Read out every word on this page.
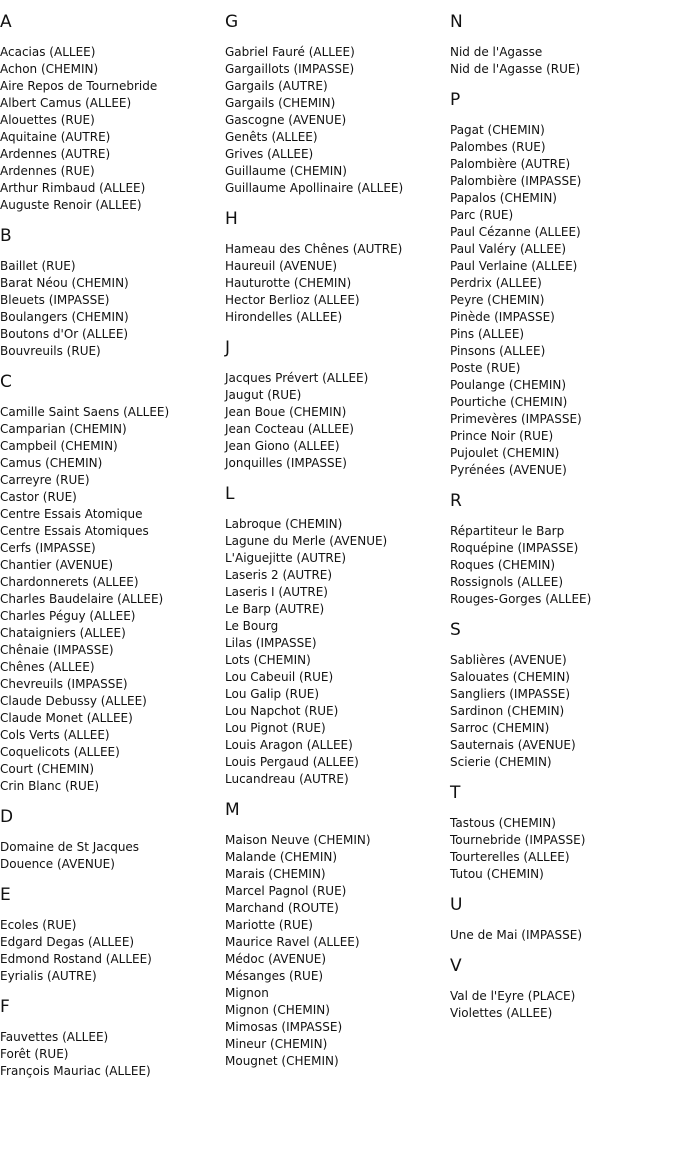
A
Acacias (ALLEE)
Achon (CHEMIN)
Aire Repos de Tournebride
Albert Camus (ALLEE)
Alouettes (RUE)
Aquitaine (AUTRE)
Ardennes (AUTRE)
Ardennes (RUE)
Arthur Rimbaud (ALLEE)
Auguste Renoir (ALLEE)
B
Baillet (RUE)
Barat Néou (CHEMIN)
Bleuets (IMPASSE)
Boulangers (CHEMIN)
Boutons d'Or (ALLEE)
Bouvreuils (RUE)
C
Camille Saint Saens (ALLEE)
Camparian (CHEMIN)
Campbeil (CHEMIN)
Camus (CHEMIN)
Carreyre (RUE)
Castor (RUE)
Centre Essais Atomique
Centre Essais Atomiques
Cerfs (IMPASSE)
Chantier (AVENUE)
Chardonnerets (ALLEE)
Charles Baudelaire (ALLEE)
Charles Péguy (ALLEE)
Chataigniers (ALLEE)
Chênaie (IMPASSE)
Chênes (ALLEE)
Chevreuils (IMPASSE)
Claude Debussy (ALLEE)
Claude Monet (ALLEE)
Cols Verts (ALLEE)
Coquelicots (ALLEE)
Court (CHEMIN)
Crin Blanc (RUE)
D
Domaine de St Jacques
Douence (AVENUE)
E
Ecoles (RUE)
Edgard Degas (ALLEE)
Edmond Rostand (ALLEE)
Eyrialis (AUTRE)
F
Fauvettes (ALLEE)
Forêt (RUE)
François Mauriac (ALLEE)
G
Gabriel Fauré (ALLEE)
Gargaillots (IMPASSE)
Gargails (AUTRE)
Gargails (CHEMIN)
Gascogne (AVENUE)
Genêts (ALLEE)
Grives (ALLEE)
Guillaume (CHEMIN)
Guillaume Apollinaire (ALLEE)
H
Hameau des Chênes (AUTRE)
Haureuil (AVENUE)
Hauturotte (CHEMIN)
Hector Berlioz (ALLEE)
Hirondelles (ALLEE)
J
Jacques Prévert (ALLEE)
Jaugut (RUE)
Jean Boue (CHEMIN)
Jean Cocteau (ALLEE)
Jean Giono (ALLEE)
Jonquilles (IMPASSE)
L
Labroque (CHEMIN)
Lagune du Merle (AVENUE)
L'Aiguejitte (AUTRE)
Laseris 2 (AUTRE)
Laseris I (AUTRE)
Le Barp (AUTRE)
Le Bourg
Lilas (IMPASSE)
Lots (CHEMIN)
Lou Cabeuil (RUE)
Lou Galip (RUE)
Lou Napchot (RUE)
Lou Pignot (RUE)
Louis Aragon (ALLEE)
Louis Pergaud (ALLEE)
Lucandreau (AUTRE)
M
Maison Neuve (CHEMIN)
Malande (CHEMIN)
Marais (CHEMIN)
Marcel Pagnol (RUE)
Marchand (ROUTE)
Mariotte (RUE)
Maurice Ravel (ALLEE)
Médoc (AVENUE)
Mésanges (RUE)
Mignon
Mignon (CHEMIN)
Mimosas (IMPASSE)
Mineur (CHEMIN)
Mougnet (CHEMIN)
N
Nid de l'Agasse
Nid de l'Agasse (RUE)
P
Pagat (CHEMIN)
Palombes (RUE)
Palombière (AUTRE)
Palombière (IMPASSE)
Papalos (CHEMIN)
Parc (RUE)
Paul Cézanne (ALLEE)
Paul Valéry (ALLEE)
Paul Verlaine (ALLEE)
Perdrix (ALLEE)
Peyre (CHEMIN)
Pinède (IMPASSE)
Pins (ALLEE)
Pinsons (ALLEE)
Poste (RUE)
Poulange (CHEMIN)
Pourtiche (CHEMIN)
Primevères (IMPASSE)
Prince Noir (RUE)
Pujoulet (CHEMIN)
Pyrénées (AVENUE)
R
Répartiteur le Barp
Roquépine (IMPASSE)
Roques (CHEMIN)
Rossignols (ALLEE)
Rouges-Gorges (ALLEE)
S
Sablières (AVENUE)
Salouates (CHEMIN)
Sangliers (IMPASSE)
Sardinon (CHEMIN)
Sarroc (CHEMIN)
Sauternais (AVENUE)
Scierie (CHEMIN)
T
Tastous (CHEMIN)
Tournebride (IMPASSE)
Tourterelles (ALLEE)
Tutou (CHEMIN)
U
Une de Mai (IMPASSE)
V
Val de l'Eyre (PLACE)
Violettes (ALLEE)
